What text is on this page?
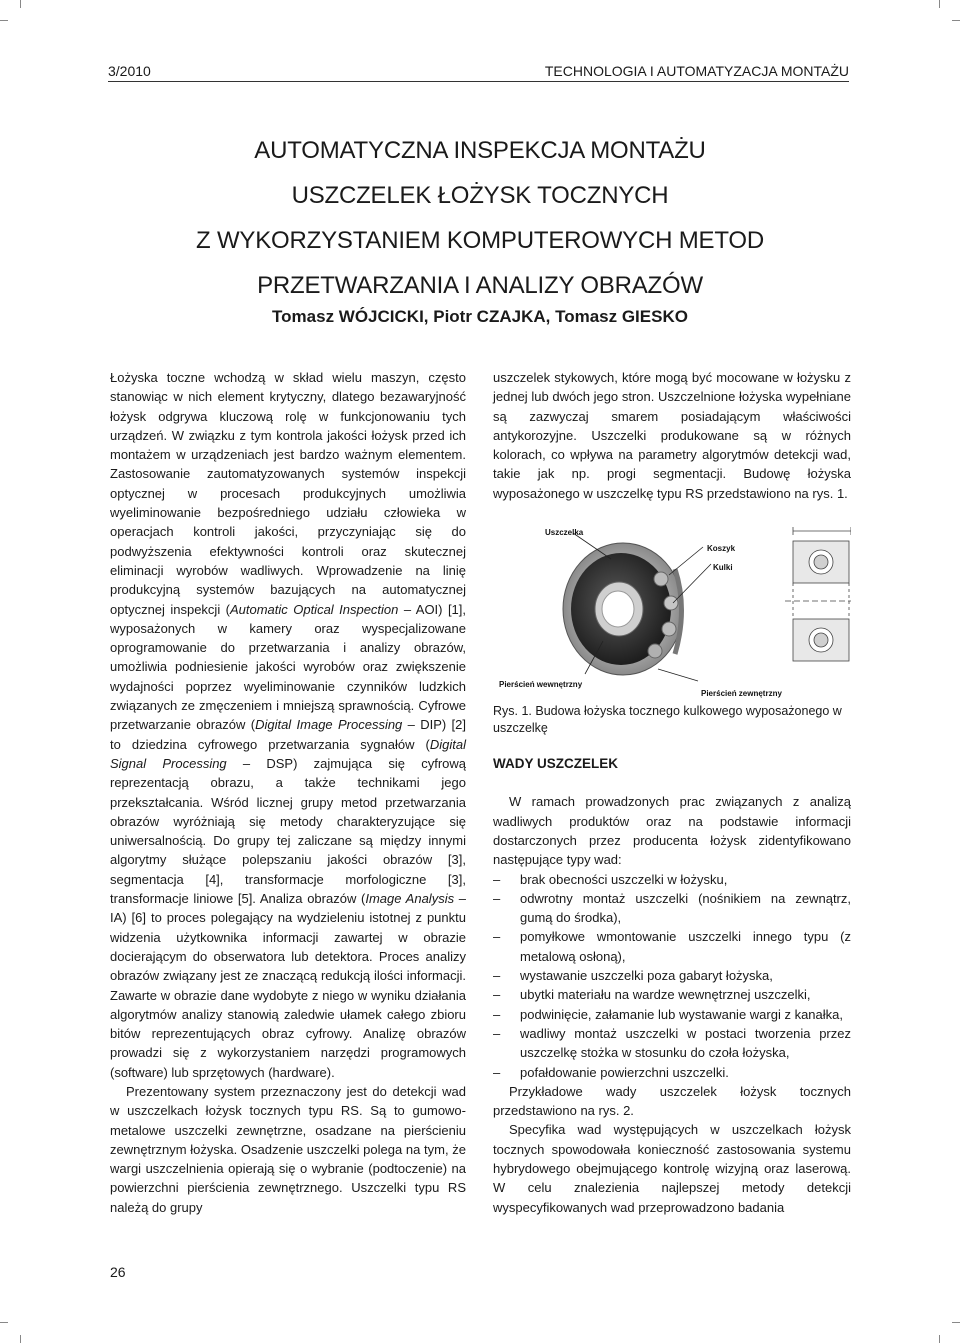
3/2010	TECHNOLOGIA I AUTOMATYZACJA MONTAŻU
AUTOMATYCZNA INSPEKCJA MONTAŻU
USZCZELEK ŁOŻYSK TOCZNYCH
Z WYKORZYSTANIEM KOMPUTEROWYCH METOD
PRZETWARZANIA I ANALIZY OBRAZÓW
Tomasz WÓJCICKI, Piotr CZAJKA, Tomasz GIESKO

Łożyska toczne wchodzą w skład wielu maszyn, często stanowiąc w nich element krytyczny, dlatego bezawaryjność łożysk odgrywa kluczową rolę w funkcjonowaniu tych urządzeń. W związku z tym kontrola jakości łożysk przed ich montażem w urządzeniach jest bardzo ważnym elementem. Zastosowanie zautomatyzowanych systemów inspekcji optycznej w procesach produkcyjnych umożliwia wyeliminowanie bezpośredniego udziału człowieka w operacjach kontroli jakości, przyczyniając się do podwyższenia efektywności kontroli oraz skutecznej eliminacji wyrobów wadliwych. Wprowadzenie na linię produkcyjną systemów bazujących na automatycznej optycznej inspekcji (Automatic Optical Inspection – AOI) [1], wyposażonych w kamery oraz wyspecjalizowane oprogramowanie do przetwarzania i analizy obrazów, umożliwia podniesienie jakości wyrobów oraz zwiększenie wydajności poprzez wyeliminowanie czynników ludzkich związanych ze zmęczeniem i mniejszą sprawnością. Cyfrowe przetwarzanie obrazów (Digital Image Processing – DIP) [2] to dziedzina cyfrowego przetwarzania sygnałów (Digital Signal Processing – DSP) zajmująca się cyfrową reprezentacją obrazu, a także technikami jego przekształcania. Wśród licznej grupy metod przetwarzania obrazów wyróżniają się metody charakteryzujące się uniwersalnością. Do grupy tej zaliczane są między innymi algorytmy służące polepszaniu jakości obrazów [3], segmentacja [4], transformacje morfologiczne [3], transformacje liniowe [5]. Analiza obrazów (Image Analysis – IA) [6] to proces polegający na wydzieleniu istotnej z punktu widzenia użytkownika informacji zawartej w obrazie docierającym do obserwatora lub detektora. Proces analizy obrazów związany jest ze znaczącą redukcją ilości informacji. Zawarte w obrazie dane wydobyte z niego w wyniku działania algorytmów analizy stanowią zaledwie ułamek całego zbioru bitów reprezentujących obraz cyfrowy. Analizę obrazów prowadzi się z wykorzystaniem narzędzi programowych (software) lub sprzętowych (hardware).

Prezentowany system przeznaczony jest do detekcji wad w uszczelkach łożysk tocznych typu RS. Są to gumowo-metalowe uszczelki zewnętrzne, osadzane na pierścieniu zewnętrznym łożyska. Osadzenie uszczelki polega na tym, że wargi uszczelnienia opierają się o wybranie (podtoczenie) na powierzchni pierścienia zewnętrznego. Uszczelki typu RS należą do grupy

uszczelek stykowych, które mogą być mocowane w łożysku z jednej lub dwóch jego stron. Uszczelnione łożyska wypełniane są zazwyczaj smarem posiadającym właściwości antykorozyjne. Uszczelki produkowane są w różnych kolorach, co wpływa na parametry algorytmów detekcji wad, takie jak np. progi segmentacji. Budowę łożyska wyposażonego w uszczelkę typu RS przedstawiono na rys. 1.

Uszczelka
Koszyk
Kulki
Pierścień wewnętrzny
Pierścień zewnętrzny
Rys. 1. Budowa łożyska tocznego kulkowego wyposażonego w uszczelkę
WADY USZCZELEK

W ramach prowadzonych prac związanych z analizą wadliwych produktów oraz na podstawie informacji dostarczonych przez producenta łożysk zidentyfikowano następujące typy wad:

– brak obecności uszczelki w łożysku,
– odwrotny montaż uszczelki (nośnikiem na zewnątrz, gumą do środka),
– pomyłkowe wmontowanie uszczelki innego typu (z metalową osłoną),
– wystawanie uszczelki poza gabaryt łożyska,
– ubytki materiału na wardze wewnętrznej uszczelki,
– podwinięcie, załamanie lub wystawanie wargi z kanałka,
– wadliwy montaż uszczelki w postaci tworzenia przez uszczelkę stożka w stosunku do czoła łożyska,
– pofałdowanie powierzchni uszczelki.

Przykładowe wady uszczelek łożysk tocznych przedstawiono na rys. 2.

Specyfika wad występujących w uszczelkach łożysk tocznych spowodowała konieczność zastosowania systemu hybrydowego obejmującego kontrolę wizyjną oraz laserową. W celu znalezienia najlepszej metody detekcji wyspecyfikowanych wad przeprowadzono badania

26
